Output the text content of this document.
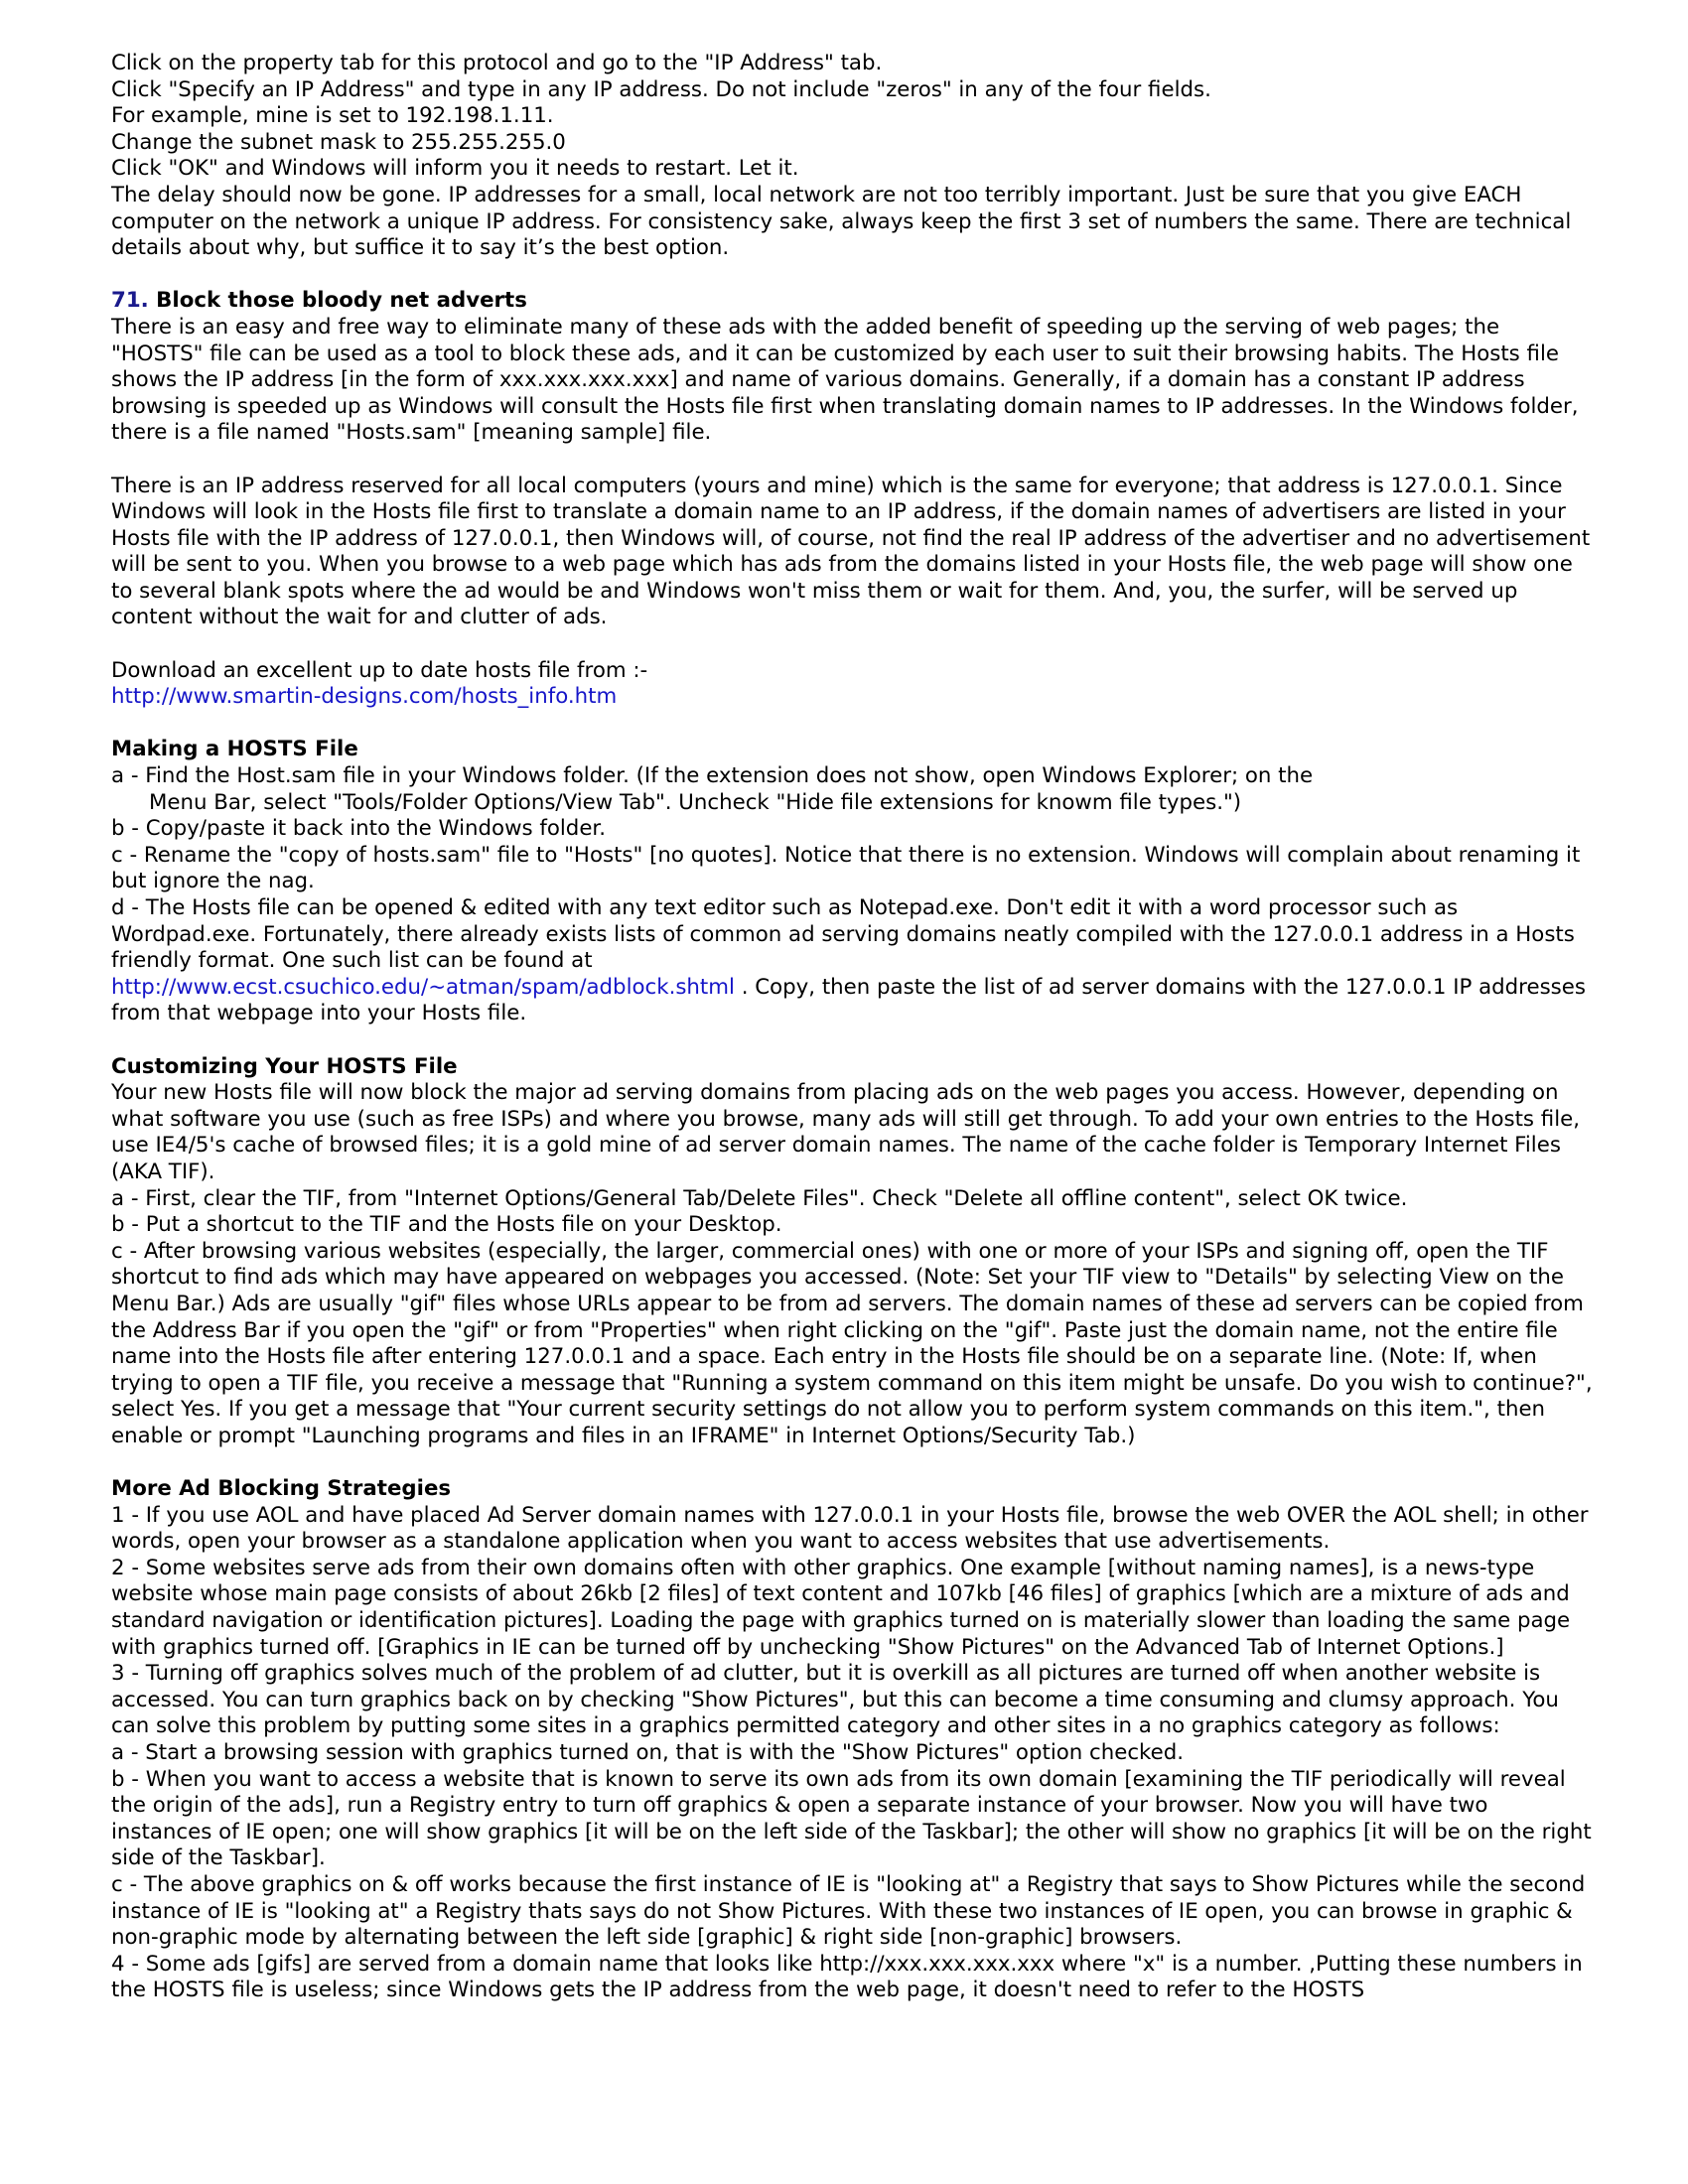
Click on the property tab for this protocol and go to the "IP Address" tab.

Click "Specify an IP Address" and type in any IP address. Do not include "zeros" in any of the four fields.

For example, mine is set to 192.198.1.11.

Change the subnet mask to 255.255.255.0

Click "OK" and Windows will inform you it needs to restart. Let it.

The delay should now be gone. IP addresses for a small, local network are not too terribly important. Just be sure that you give EACH computer on the network a unique IP address. For consistency sake, always keep the first 3 set of numbers the same. There are technical details about why, but suffice it to say it’s the best option.

71. Block those bloody net adverts

There is an easy and free way to eliminate many of these ads with the added benefit of speeding up the serving of web pages; the "HOSTS" file can be used as a tool to block these ads, and it can be customized by each user to suit their browsing habits. The Hosts file shows the IP address [in the form of xxx.xxx.xxx.xxx] and name of various domains. Generally, if a domain has a constant IP address browsing is speeded up as Windows will consult the Hosts file first when translating domain names to IP addresses. In the Windows folder, there is a file named "Hosts.sam" [meaning sample] file.

There is an IP address reserved for all local computers (yours and mine) which is the same for everyone; that address is 127.0.0.1. Since Windows will look in the Hosts file first to translate a domain name to an IP address, if the domain names of advertisers are listed in your Hosts file with the IP address of 127.0.0.1, then Windows will, of course, not find the real IP address of the advertiser and no advertisement will be sent to you. When you browse to a web page which has ads from the domains listed in your Hosts file, the web page will show one to several blank spots where the ad would be and Windows won't miss them or wait for them. And, you, the surfer, will be served up content without the wait for and clutter of ads.

Download an excellent up to date hosts file from :-

http://www.smartin-designs.com/hosts_info.htm

Making a HOSTS File

a - Find the Host.sam file in your Windows folder. (If the extension does not show, open Windows Explorer; on the

Menu Bar, select "Tools/Folder Options/View Tab". Uncheck "Hide file extensions for knowm file types.")

b - Copy/paste it back into the Windows folder.

c - Rename the "copy of hosts.sam" file to "Hosts" [no quotes]. Notice that there is no extension. Windows will complain about renaming it but ignore the nag.

d - The Hosts file can be opened & edited with any text editor such as Notepad.exe. Don't edit it with a word processor such as Wordpad.exe. Fortunately, there already exists lists of common ad serving domains neatly compiled with the 127.0.0.1 address in a Hosts friendly format. One such list can be found at

http://www.ecst.csuchico.edu/~atman/spam/adblock.shtml . Copy, then paste the list of ad server domains with the 127.0.0.1 IP addresses from that webpage into your Hosts file.

Customizing Your HOSTS File

Your new Hosts file will now block the major ad serving domains from placing ads on the web pages you access. However, depending on what software you use (such as free ISPs) and where you browse, many ads will still get through. To add your own entries to the Hosts file, use IE4/5's cache of browsed files; it is a gold mine of ad server domain names. The name of the cache folder is Temporary Internet Files (AKA TIF).

a - First, clear the TIF, from "Internet Options/General Tab/Delete Files". Check "Delete all offline content", select OK twice.

b - Put a shortcut to the TIF and the Hosts file on your Desktop.

c - After browsing various websites (especially, the larger, commercial ones) with one or more of your ISPs and signing off, open the TIF shortcut to find ads which may have appeared on webpages you accessed. (Note: Set your TIF view to "Details" by selecting View on the Menu Bar.) Ads are usually "gif" files whose URLs appear to be from ad servers. The domain names of these ad servers can be copied from the Address Bar if you open the "gif" or from "Properties" when right clicking on the "gif". Paste just the domain name, not the entire file name into the Hosts file after entering 127.0.0.1 and a space. Each entry in the Hosts file should be on a separate line. (Note: If, when trying to open a TIF file, you receive a message that "Running a system command on this item might be unsafe. Do you wish to continue?", select Yes. If you get a message that "Your current security settings do not allow you to perform system commands on this item.", then enable or prompt "Launching programs and files in an IFRAME" in Internet Options/Security Tab.)

More Ad Blocking Strategies

1 - If you use AOL and have placed Ad Server domain names with 127.0.0.1 in your Hosts file, browse the web OVER the AOL shell; in other words, open your browser as a standalone application when you want to access websites that use advertisements.

2 - Some websites serve ads from their own domains often with other graphics. One example [without naming names], is a news-type website whose main page consists of about 26kb [2 files] of text content and 107kb [46 files] of graphics [which are a mixture of ads and standard navigation or identification pictures]. Loading the page with graphics turned on is materially slower than loading the same page with graphics turned off. [Graphics in IE can be turned off by unchecking "Show Pictures" on the Advanced Tab of Internet Options.]

3 - Turning off graphics solves much of the problem of ad clutter, but it is overkill as all pictures are turned off when another website is accessed. You can turn graphics back on by checking "Show Pictures", but this can become a time consuming and clumsy approach. You can solve this problem by putting some sites in a graphics permitted category and other sites in a no graphics category as follows:

a - Start a browsing session with graphics turned on, that is with the "Show Pictures" option checked.

b - When you want to access a website that is known to serve its own ads from its own domain [examining the TIF periodically will reveal the origin of the ads], run a Registry entry to turn off graphics & open a separate instance of your browser. Now you will have two instances of IE open; one will show graphics [it will be on the left side of the Taskbar]; the other will show no graphics [it will be on the right side of the Taskbar].

c - The above graphics on & off works because the first instance of IE is "looking at" a Registry that says to Show Pictures while the second instance of IE is "looking at" a Registry thats says do not Show Pictures. With these two instances of IE open, you can browse in graphic & non-graphic mode by alternating between the left side [graphic] & right side [non-graphic] browsers.

4 - Some ads [gifs] are served from a domain name that looks like http://xxx.xxx.xxx.xxx where "x" is a number. ,Putting these numbers in the HOSTS file is useless; since Windows gets the IP address from the web page, it doesn't need to refer to the HOSTS
